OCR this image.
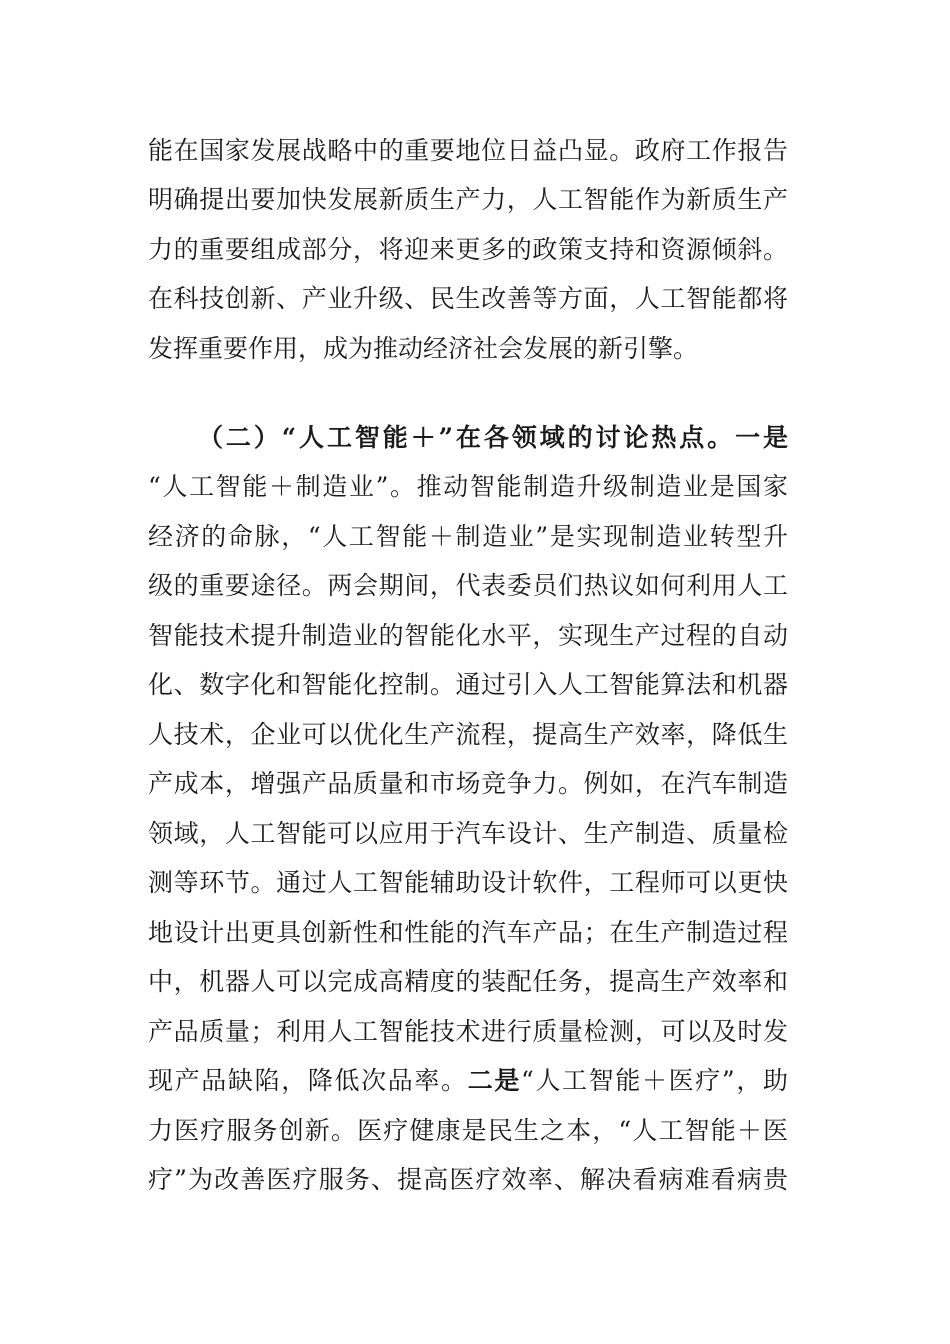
能在国家发展战略中的重要地位日益凸显。政府工作报告
明确提出要加快发展新质生产力，人工智能作为新质生产
力的重要组成部分，将迎来更多的政策支持和资源倾斜。
在科技创新、产业升级、民生改善等方面，人工智能都将
发挥重要作用，成为推动经济社会发展的新引擎。
（二）“人工智能＋”在各领域的讨论热点。一是
“人工智能＋制造业”。推动智能制造升级制造业是国家
经济的命脉，“人工智能＋制造业”是实现制造业转型升
级的重要途径。两会期间，代表委员们热议如何利用人工
智能技术提升制造业的智能化水平，实现生产过程的自动
化、数字化和智能化控制。通过引入人工智能算法和机器
人技术，企业可以优化生产流程，提高生产效率，降低生
产成本，增强产品质量和市场竞争力。例如，在汽车制造
领域，人工智能可以应用于汽车设计、生产制造、质量检
测等环节。通过人工智能辅助设计软件，工程师可以更快
地设计出更具创新性和性能的汽车产品；在生产制造过程
中，机器人可以完成高精度的装配任务，提高生产效率和
产品质量；利用人工智能技术进行质量检测，可以及时发
现产品缺陷，降低次品率。二是“人工智能＋医疗”，助
力医疗服务创新。医疗健康是民生之本，“人工智能＋医
疗”为改善医疗服务、提高医疗效率、解决看病难看病贵
